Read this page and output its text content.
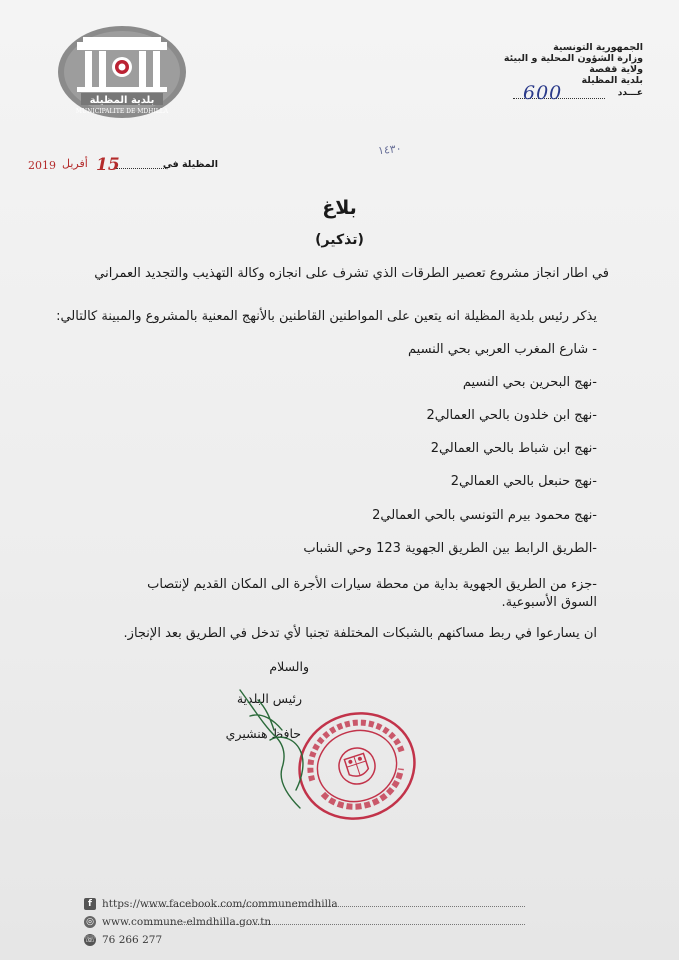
بلدية المظيلة
MUNICIPALITE DE MDHILLA
الجمهورية التونسية
وزارة الشؤون المحلية و البيئة
ولاية قفصة
بلدية المظيلة
عـــدد
600
المظيلة في
15
أفريل
2019
١٤٣٠
بلاغ
(تذكير)
في اطار انجاز مشروع تعصير الطرقات الذي تشرف على انجازه وكالة التهذيب والتجديد العمراني
يذكر رئيس بلدية المظيلة انه يتعين على المواطنين القاطنين بالأنهج المعنية بالمشروع والمبينة كالتالي:
- شارع المغرب العربي بحي النسيم
-نهج البحرين بحي النسيم
-نهج ابن خلدون بالحي العمالي2
-نهج ابن شباط بالحي العمالي2
-نهج حنبعل بالحي العمالي2
-نهج محمود بيرم التونسي بالحي العمالي2
-الطريق الرابط بين الطريق الجهوية 123 وحي الشباب
-جزء من الطريق الجهوية بداية من محطة سيارات الأجرة الى المكان القديم لإنتصاب السوق الأسبوعية.
ان يسارعوا في ربط مساكنهم بالشبكات المختلفة تجنبا لأي تدخل في الطريق بعد الإنجاز.
والسلام
رئيس البلدية
حافظ هنشيري
f https://www.facebook.com/communemdhilla
◎ www.commune-elmdhilla.gov.tn
☏ 76 266 277
